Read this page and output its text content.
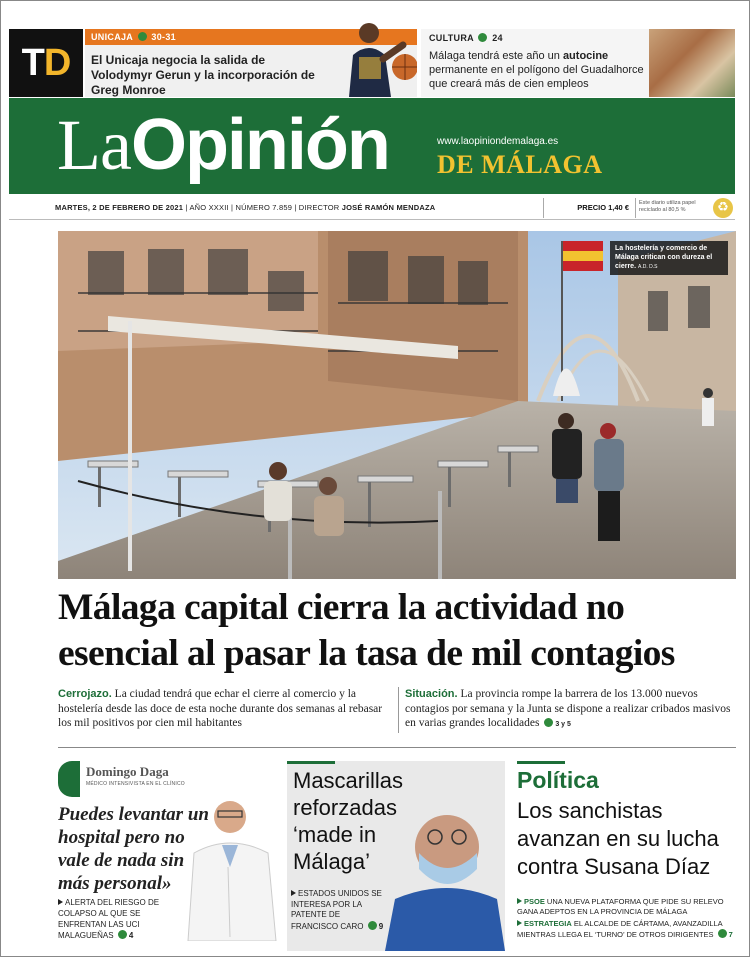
TD
UNICAJA 30-31
El Unicaja negocia la salida de Volodymyr Gerun y la incorporación de Greg Monroe
CULTURA 24
Málaga tendrá este año un autocine permanente en el polígono del Guadalhorce que creará más de cien empleos
LaOpinión	www.laopiniondemalaga.es
DE MÁLAGA
MARTES, 2 DE FEBRERO DE 2021 | AÑO XXXII | NÚMERO 7.859 | DIRECTOR JOSÉ RAMÓN MENDAZA	PRECIO 1,40 € Este diario utiliza papel reciclado al 80,5 %	♻
La hostelería y comercio de Málaga critican con dureza el cierre. A.D. D.S
Málaga capital cierra la actividad no
esencial al pasar la tasa de mil contagios
Cerrojazo. La ciudad tendrá que echar el cierre al comercio y la hostelería desde las doce de esta noche durante dos semanas al rebasar los mil positivos por cien mil habitantes
Situación. La provincia rompe la barrera de los 13.000 nuevos contagios por semana y la Junta se dispone a realizar cribados masivos en varias grandes localidades 3 y 5
Domingo Daga
MÉDICO INTENSIVISTA EN EL CLÍNICO
Puedes levantar un hospital pero no vale de nada sin más personal»
ALERTA DEL RIESGO DE COLAPSO AL QUE SE ENFRENTAN LAS UCI MALAGUEÑAS 4
Mascarillas reforzadas ‘made in Málaga’
ESTADOS UNIDOS SE INTERESA POR LA PATENTE DE FRANCISCO CARO 9
Política
Los sanchistas avanzan en su lucha contra Susana Díaz
PSOE UNA NUEVA PLATAFORMA QUE PIDE SU RELEVO GANA ADEPTOS EN LA PROVINCIA DE MÁLAGA
ESTRATEGIA EL ALCALDE DE CÁRTAMA, AVANZADILLA MIENTRAS LLEGA EL ‘TURNO’ DE OTROS DIRIGENTES 7
